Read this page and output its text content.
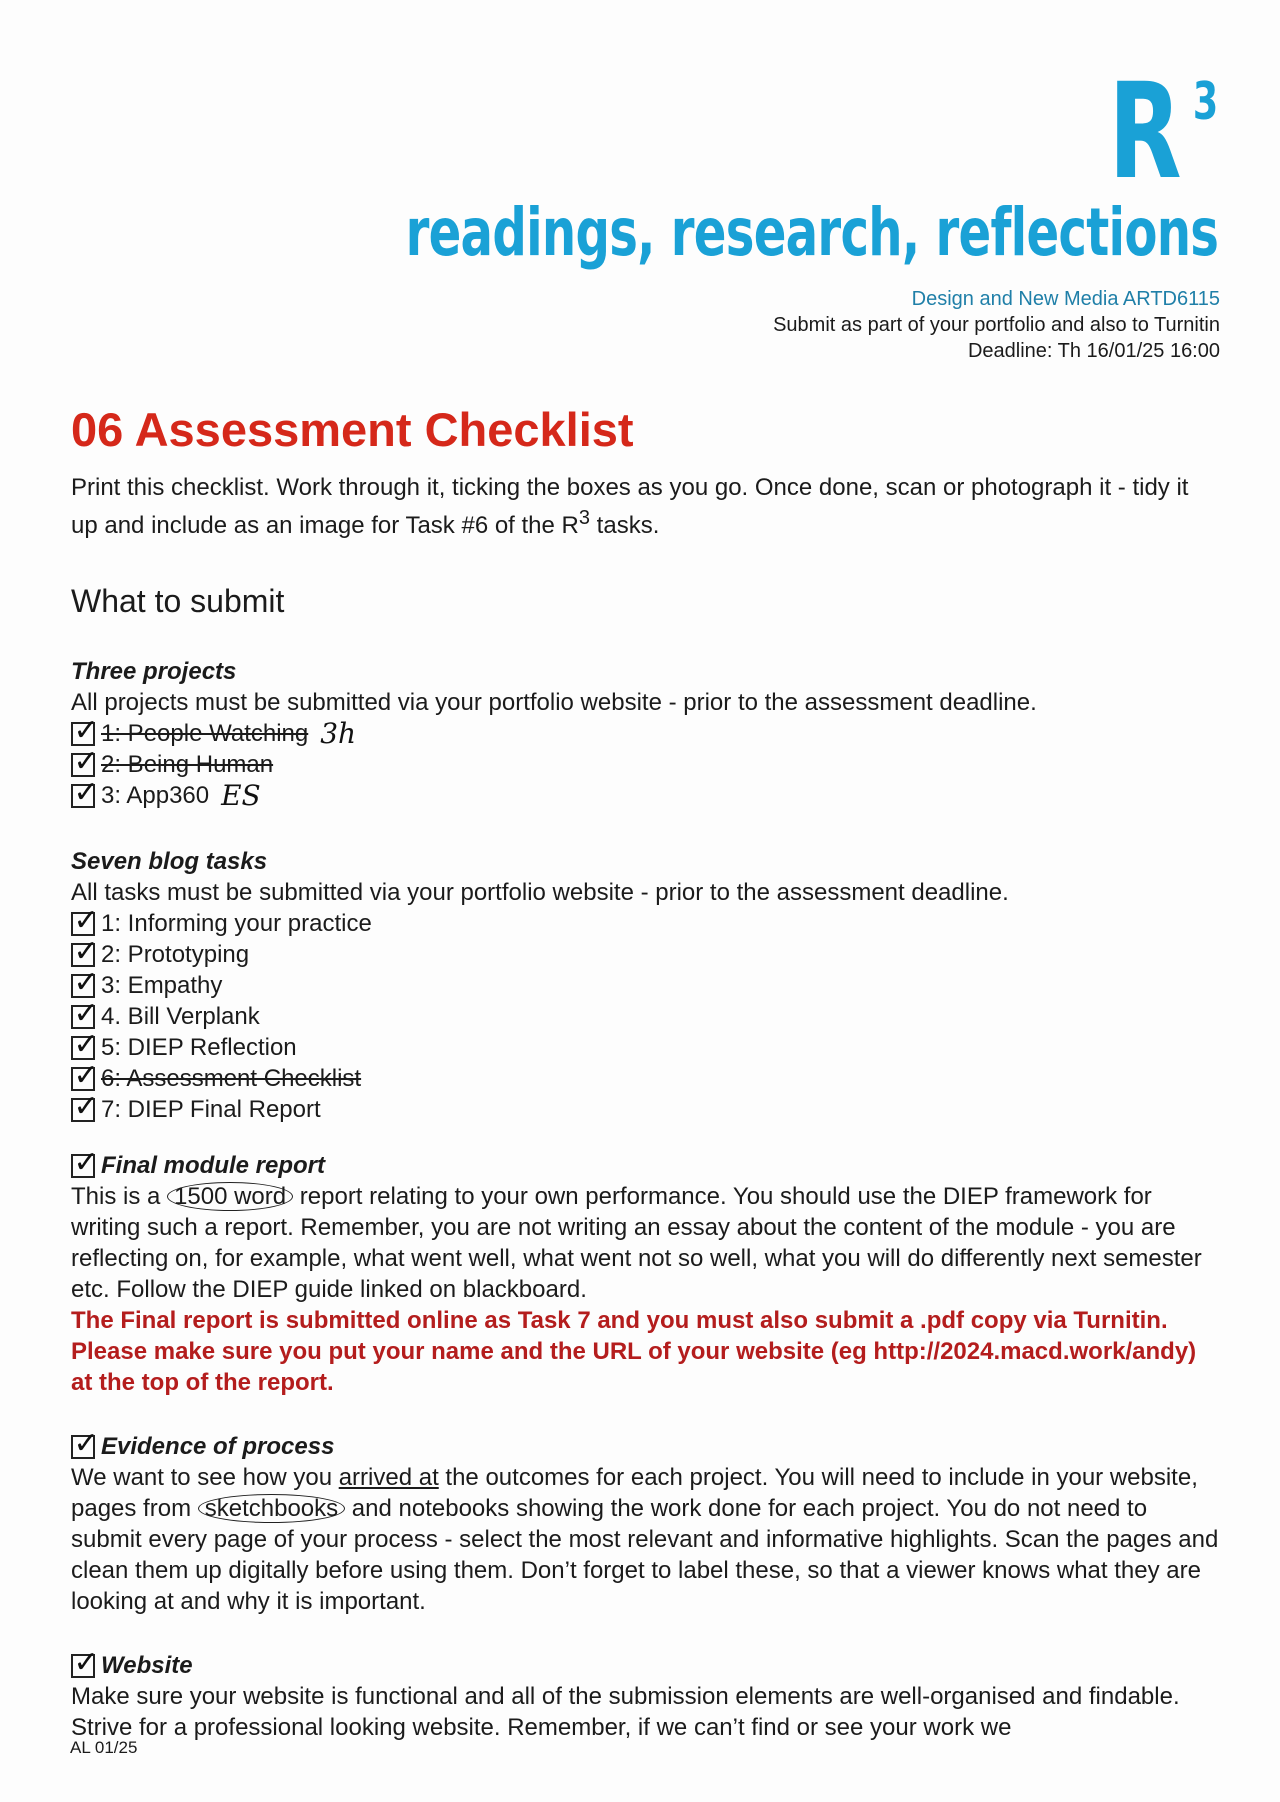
R 3
readings, research, reflections
Design and New Media ARTD6115
Submit as part of your portfolio and also to Turnitin
Deadline: Th 16/01/25 16:00
06 Assessment Checklist

Print this checklist. Work through it, ticking the boxes as you go. Once done, scan or photograph it - tidy it up and include as an image for Task #6 of the $R^3$ tasks.

What to submit

Three projects

All projects must be submitted via your portfolio website - prior to the assessment deadline.

✓ 1: People Watching 3h
✓ 2: Being Human
✓ 3: App360 ES

Seven blog tasks

All tasks must be submitted via your portfolio website - prior to the assessment deadline.

✓ 1: Informing your practice
✓ 2: Prototyping
✓ 3: Empathy
✓ 4. Bill Verplank
✓ 5: DIEP Reflection
✓ 6: Assessment Checklist
✓ 7: DIEP Final Report
✓ Final module report

This is a 1500 word report relating to your own performance. You should use the DIEP framework for writing such a report. Remember, you are not writing an essay about the content of the module - you are reflecting on, for example, what went well, what went not so well, what you will do differently next semester etc. Follow the DIEP guide linked on blackboard.

The Final report is submitted online as Task 7 and you must also submit a .pdf copy via Turnitin. Please make sure you put your name and the URL of your website (eg http://2024.macd.work/andy) at the top of the report.

✓ Evidence of process

We want to see how you arrived at the outcomes for each project. You will need to include in your website, pages from sketchbooks and notebooks showing the work done for each project. You do not need to submit every page of your process - select the most relevant and informative highlights. Scan the pages and clean them up digitally before using them. Don’t forget to label these, so that a viewer knows what they are looking at and why it is important.

✓ Website

Make sure your website is functional and all of the submission elements are well-organised and findable. Strive for a professional looking website. Remember, if we can’t find or see your work we

AL 01/25
